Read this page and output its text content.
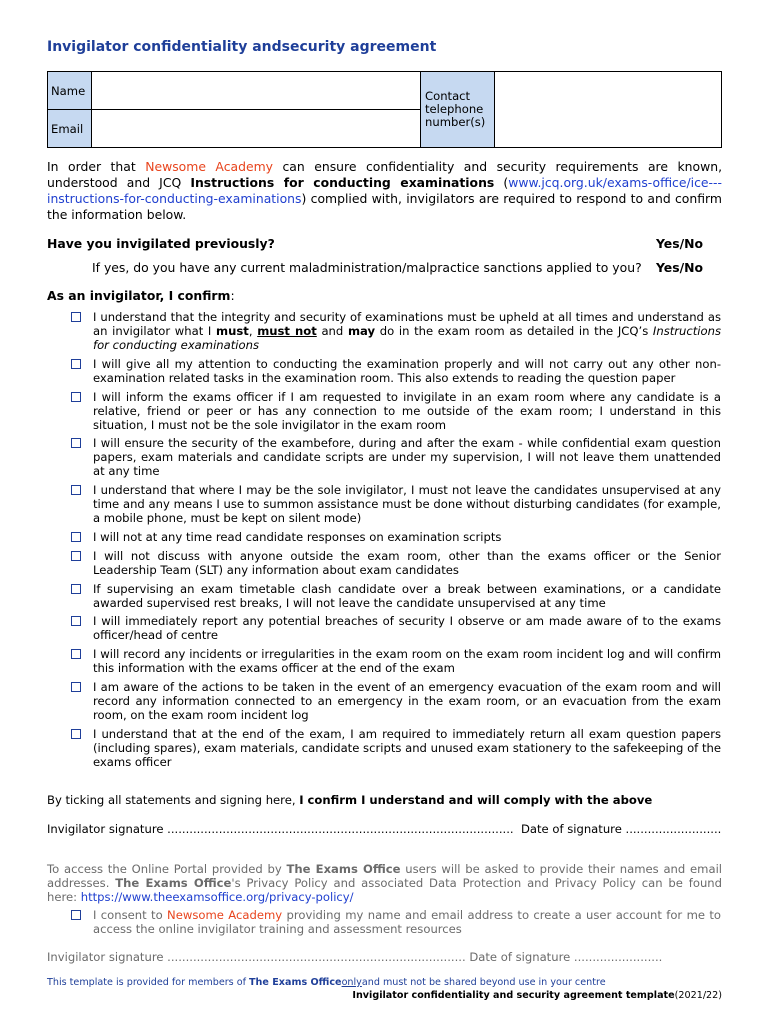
Invigilator confidentiality andsecurity agreement
Name		Contact telephone number(s)	
Email			
In order that Newsome Academy can ensure confidentiality and security requirements are known, understood and JCQ Instructions for conducting examinations (www.jcq.org.uk/exams-office/ice---instructions-for-conducting-examinations) complied with, invigilators are required to respond to and confirm the information below.
Have you invigilated previously?	Yes/No
If yes, do you have any current maladministration/malpractice sanctions applied to you? Yes/No
As an invigilator, I confirm:
I understand that the integrity and security of examinations must be upheld at all times and understand as an invigilator what I must, must not and may do in the exam room as detailed in the JCQ’s Instructions for conducting examinations
I will give all my attention to conducting the examination properly and will not carry out any other non-examination related tasks in the examination room. This also extends to reading the question paper
I will inform the exams officer if I am requested to invigilate in an exam room where any candidate is a relative, friend or peer or has any connection to me outside of the exam room; I understand in this situation, I must not be the sole invigilator in the exam room
I will ensure the security of the exambefore, during and after the exam - while confidential exam question papers, exam materials and candidate scripts are under my supervision, I will not leave them unattended at any time
I understand that where I may be the sole invigilator, I must not leave the candidates unsupervised at any time and any means I use to summon assistance must be done without disturbing candidates (for example, a mobile phone, must be kept on silent mode)
I will not at any time read candidate responses on examination scripts
I will not discuss with anyone outside the exam room, other than the exams officer or the Senior Leadership Team (SLT) any information about exam candidates
If supervising an exam timetable clash candidate over a break between examinations, or a candidate awarded supervised rest breaks, I will not leave the candidate unsupervised at any time
I will immediately report any potential breaches of security I observe or am made aware of to the exams officer/head of centre
I will record any incidents or irregularities in the exam room on the exam room incident log and will confirm this information with the exams officer at the end of the exam
I am aware of the actions to be taken in the event of an emergency evacuation of the exam room and will record any information connected to an emergency in the exam room, or an evacuation from the exam room, on the exam room incident log
I understand that at the end of the exam, I am required to immediately return all exam question papers (including spares), exam materials, candidate scripts and unused exam stationery to the safekeeping of the exams officer
By ticking all statements and signing here, I confirm I understand and will comply with the above
Invigilator signature .............................................................................................. Date of signature ..........................
To access the Online Portal provided by The Exams Office users will be asked to provide their names and email addresses. The Exams Office's Privacy Policy and associated Data Protection and Privacy Policy can be found here: https://www.theexamsoffice.org/privacy-policy/
I consent to Newsome Academy providing my name and email address to create a user account for me to access the online invigilator training and assessment resources
Invigilator signature ................................................................................. Date of signature ........................
This template is provided for members of The Exams Officeonlyand must not be shared beyond use in your centre
Invigilator confidentiality and security agreement template(2021/22)
